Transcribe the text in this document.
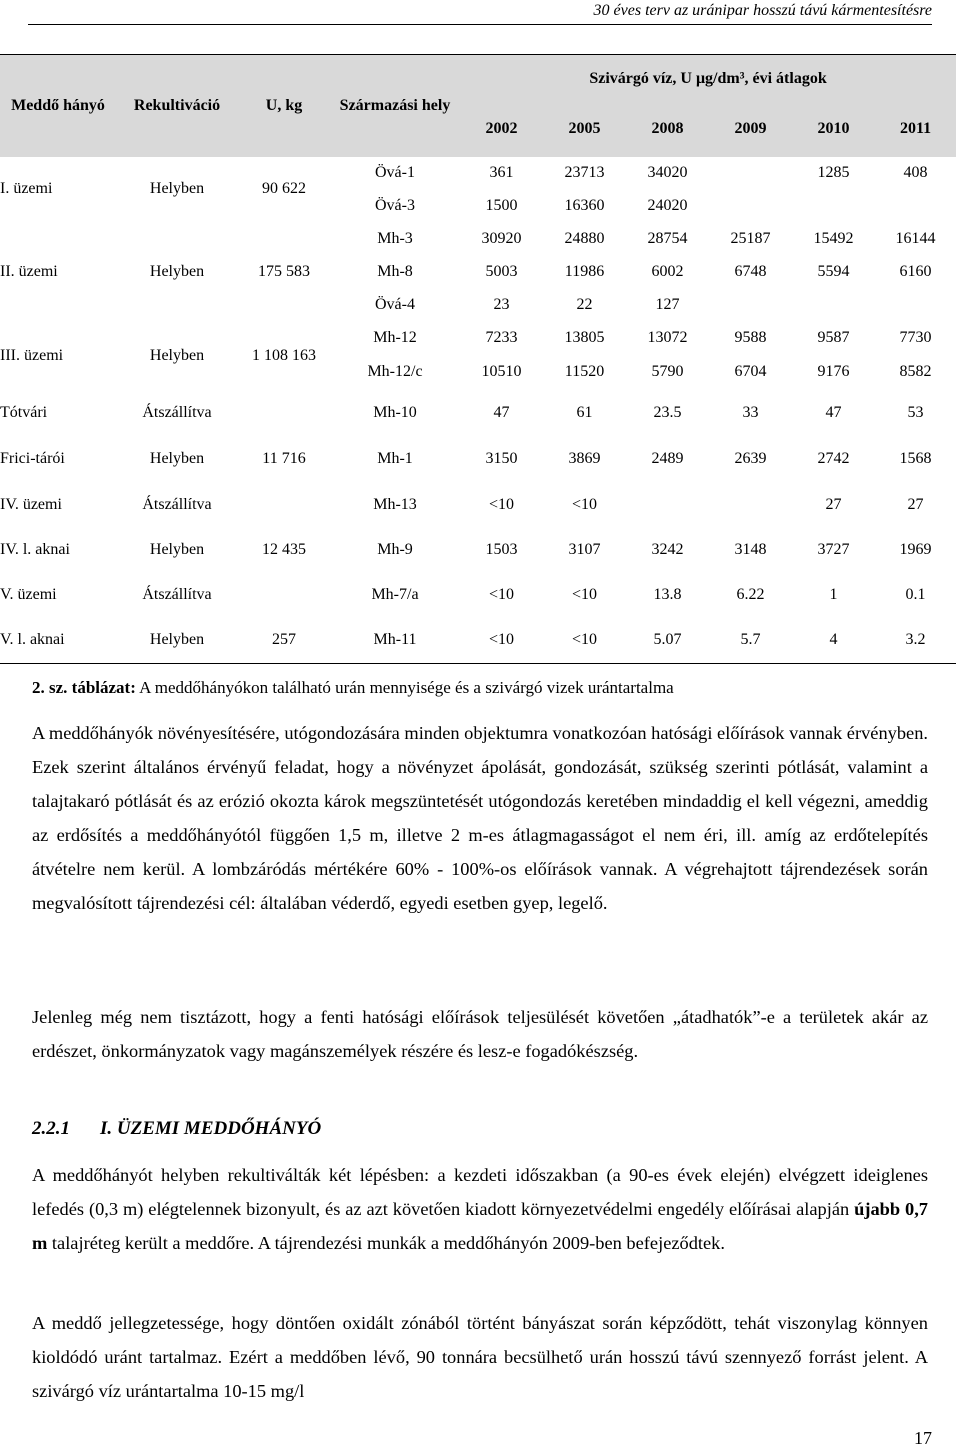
30 éves terv az uránipar hosszú távú kármentesítésre
Meddő hányó	Rekultiváció	U, kg	Származási hely	Szivárgó víz, U μg/dm³, évi átlagok					
				2002	2005	2008	2009	2010	2011
I. üzemi	Helyben	90 622	Övá-1	361	23713	34020		1285	408
			Övá-3	1500	16360	24020			
II. üzemi	Helyben	175 583	Mh-3	30920	24880	28754	25187	15492	16144
			Mh-8	5003	11986	6002	6748	5594	6160
			Övá-4	23	22	127			
III. üzemi	Helyben	1 108 163	Mh-12	7233	13805	13072	9588	9587	7730
			Mh-12/c	10510	11520	5790	6704	9176	8582
Tótvári	Átszállítva		Mh-10	47	61	23.5	33	47	53
Frici-tárói	Helyben	11 716	Mh-1	3150	3869	2489	2639	2742	1568
IV. üzemi	Átszállítva		Mh-13	<10	<10			27	27
IV. l. aknai	Helyben	12 435	Mh-9	1503	3107	3242	3148	3727	1969
V. üzemi	Átszállítva		Mh-7/a	<10	<10	13.8	6.22	1	0.1
V. l. aknai	Helyben	257	Mh-11	<10	<10	5.07	5.7	4	3.2
2. sz. táblázat: A meddőhányókon található urán mennyisége és a szivárgó vizek urántartalma

A meddőhányók növényesítésére, utógondozására minden objektumra vonatkozóan hatósági előírások vannak érvényben. Ezek szerint általános érvényű feladat, hogy a növényzet ápolását, gondozását, szükség szerinti pótlását, valamint a talajtakaró pótlását és az erózió okozta károk megszüntetését utógondozás keretében mindaddig el kell végezni, ameddig az erdősítés a meddőhányótól függően 1,5 m, illetve 2 m-es átlagmagasságot el nem éri, ill. amíg az erdőtelepítés átvételre nem kerül. A lombzáródás mértékére 60% - 100%-os előírások vannak. A végrehajtott tájrendezések során megvalósított tájrendezési cél: általában véderdő, egyedi esetben gyep, legelő.

Jelenleg még nem tisztázott, hogy a fenti hatósági előírások teljesülését követően „átadhatók”-e a területek akár az erdészet, önkormányzatok vagy magánszemélyek részére és lesz-e fogadókészség.

2.2.1 I. ÜZEMI MEDDŐHÁNYÓ

A meddőhányót helyben rekultiválták két lépésben: a kezdeti időszakban (a 90-es évek elején) elvégzett ideiglenes lefedés (0,3 m) elégtelennek bizonyult, és az azt követően kiadott környezetvédelmi engedély előírásai alapján újabb 0,7 m talajréteg került a meddőre. A tájrendezési munkák a meddőhányón 2009-ben befejeződtek.

A meddő jellegzetessége, hogy döntően oxidált zónából történt bányászat során képződött, tehát viszonylag könnyen kioldódó uránt tartalmaz. Ezért a meddőben lévő, 90 tonnára becsülhető urán hosszú távú szennyező forrást jelent. A szivárgó víz urántartalma 10-15 mg/l

17
